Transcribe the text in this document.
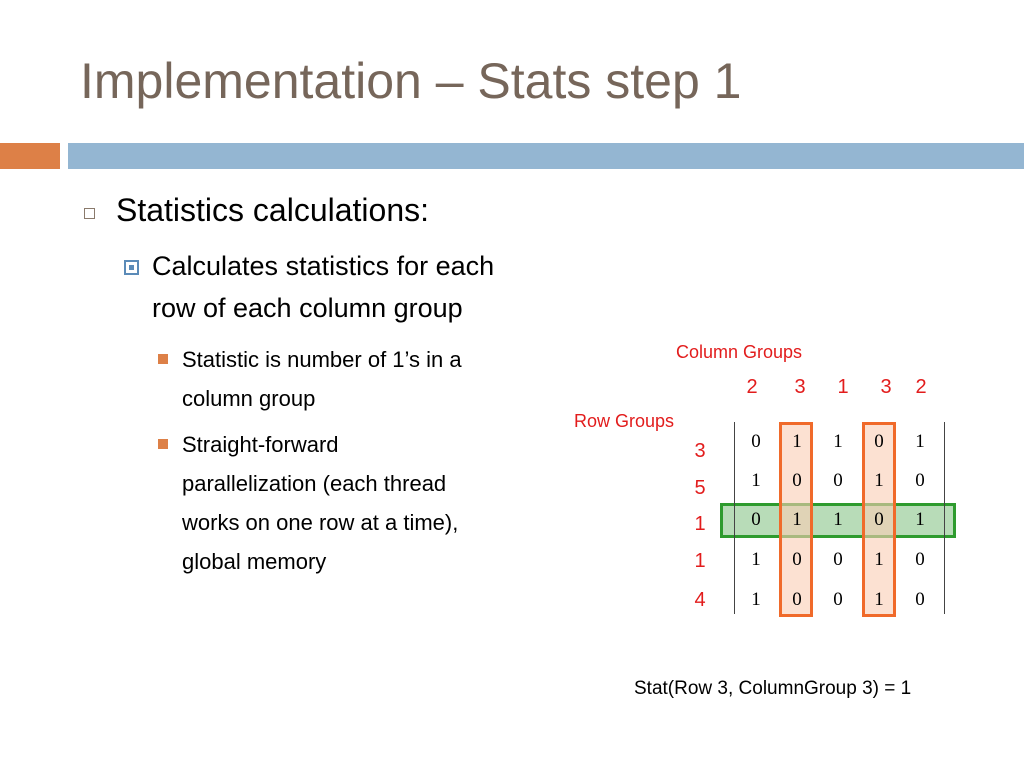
Implementation – Stats step 1
Statistics calculations:
Calculates statistics for each
row of each column group
Statistic is number of 1’s in a
column group
Straight-forward
parallelization (each thread
works on one row at a time),
global memory
Column Groups
Row Groups
2 3 1 3 2
3
5
1
1
4
0 1 1 0 1
1 0 0 1 0
0 1 1 0 1
1 0 0 1 0
1 0 0 1 0
Stat(Row 3, ColumnGroup 3) = 1
